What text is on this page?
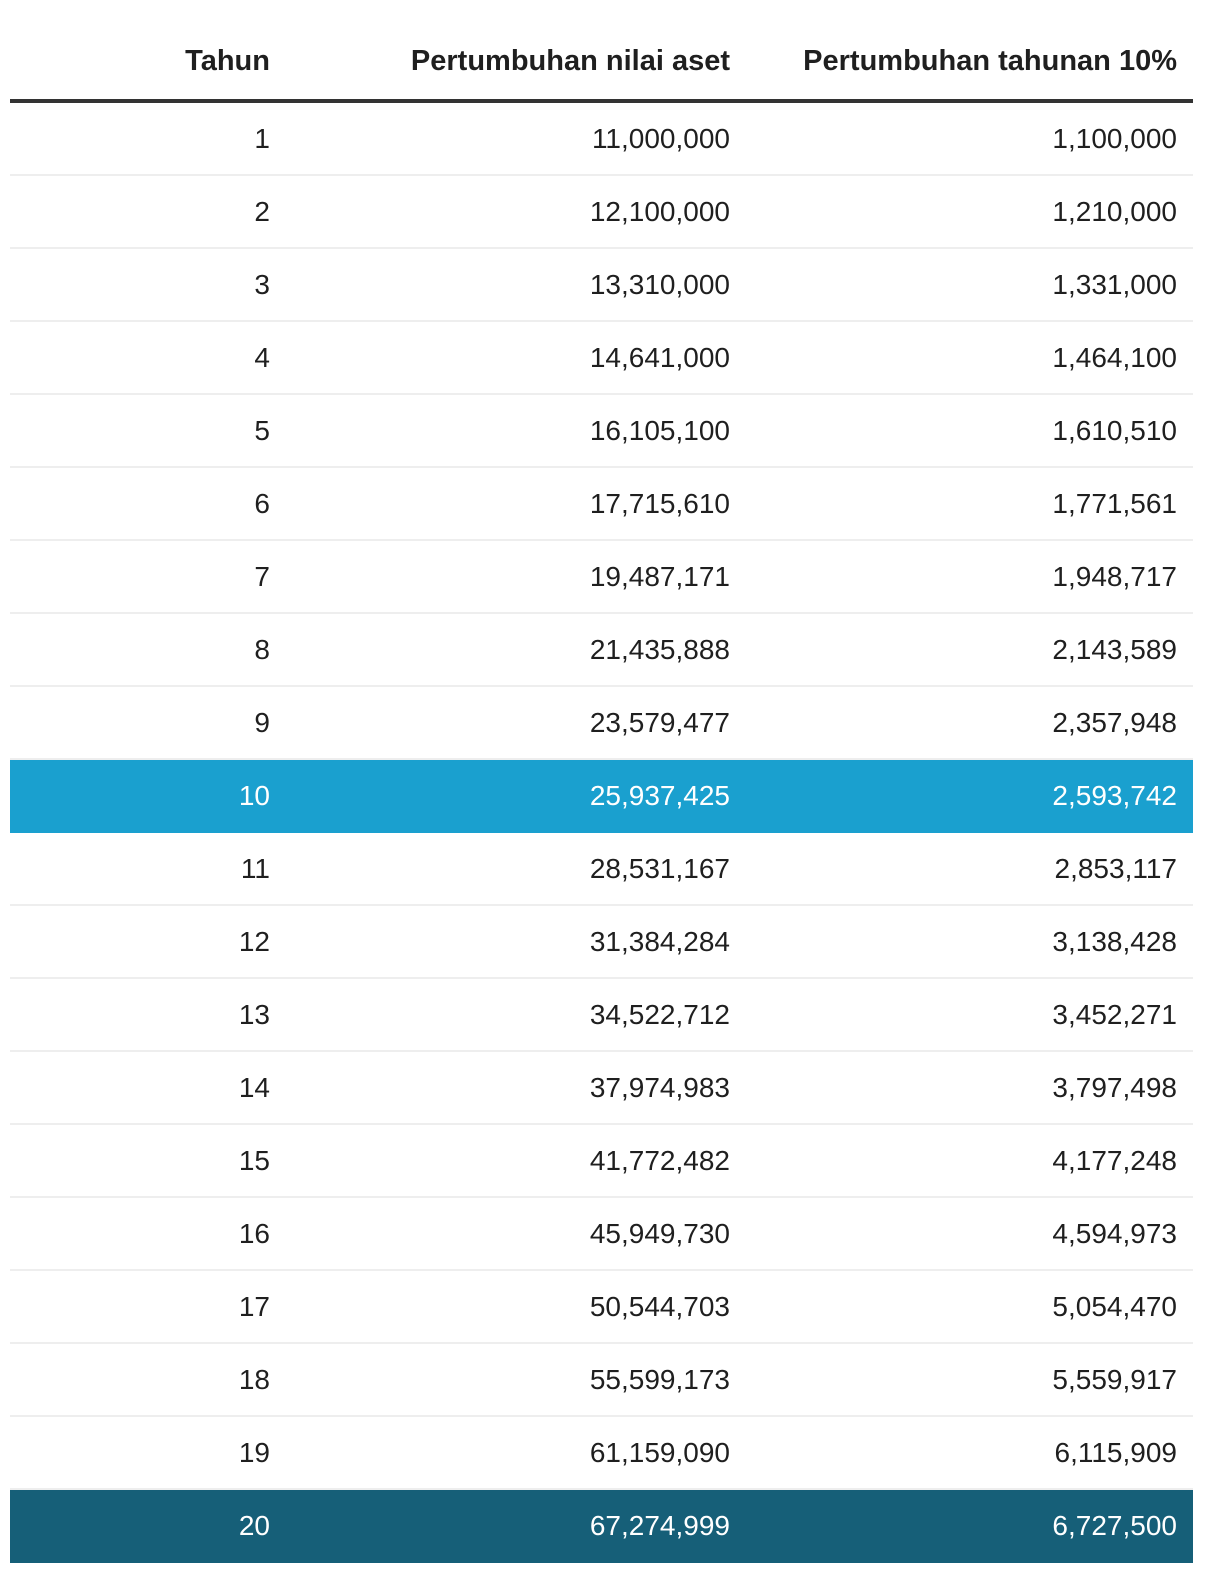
Tahun	Pertumbuhan nilai aset	Pertumbuhan tahunan 10%
1	11,000,000	1,100,000
2	12,100,000	1,210,000
3	13,310,000	1,331,000
4	14,641,000	1,464,100
5	16,105,100	1,610,510
6	17,715,610	1,771,561
7	19,487,171	1,948,717
8	21,435,888	2,143,589
9	23,579,477	2,357,948
10	25,937,425	2,593,742
11	28,531,167	2,853,117
12	31,384,284	3,138,428
13	34,522,712	3,452,271
14	37,974,983	3,797,498
15	41,772,482	4,177,248
16	45,949,730	4,594,973
17	50,544,703	5,054,470
18	55,599,173	5,559,917
19	61,159,090	6,115,909
20	67,274,999	6,727,500
